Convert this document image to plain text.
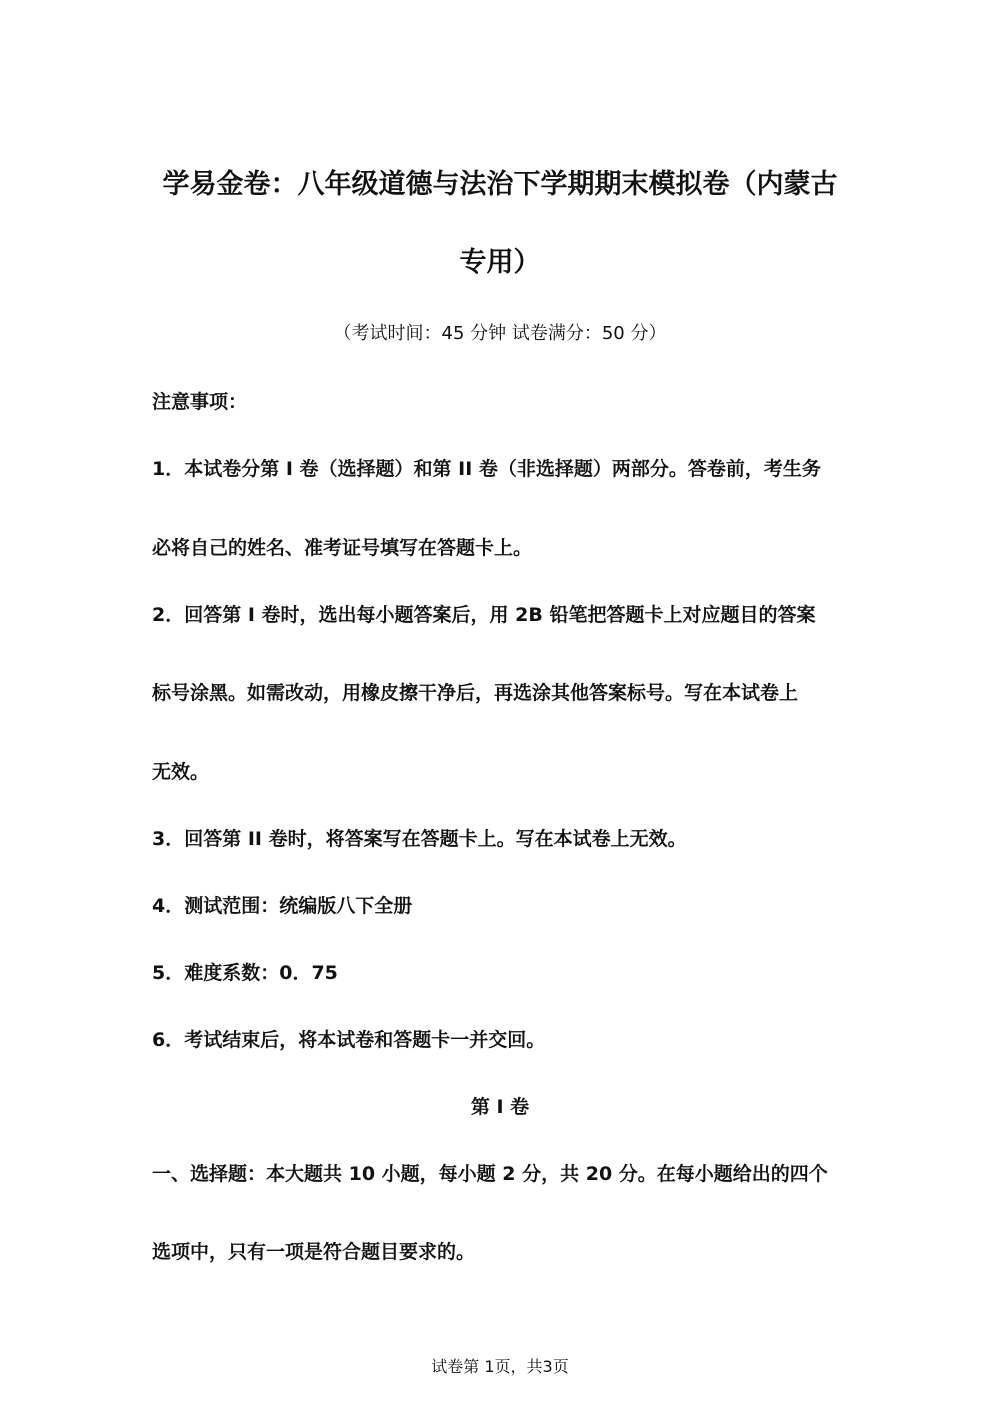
学易金卷：八年级道德与法治下学期期末模拟卷（内蒙古
专用）
（考试时间：45 分钟 试卷满分：50 分）
注意事项：
1．本试卷分第 I 卷（选择题）和第 II 卷（非选择题）两部分。答卷前，考生务
必将自己的姓名、准考证号填写在答题卡上。
2．回答第 I 卷时，选出每小题答案后，用 2B 铅笔把答题卡上对应题目的答案
标号涂黑。如需改动，用橡皮擦干净后，再选涂其他答案标号。写在本试卷上
无效。
3．回答第 II 卷时，将答案写在答题卡上。写在本试卷上无效。
4．测试范围：统编版八下全册
5．难度系数：0．75
6．考试结束后，将本试卷和答题卡一并交回。
第 I 卷
一、选择题：本大题共 10 小题，每小题 2 分，共 20 分。在每小题给出的四个
选项中，只有一项是符合题目要求的。
试卷第 1页，共3页
